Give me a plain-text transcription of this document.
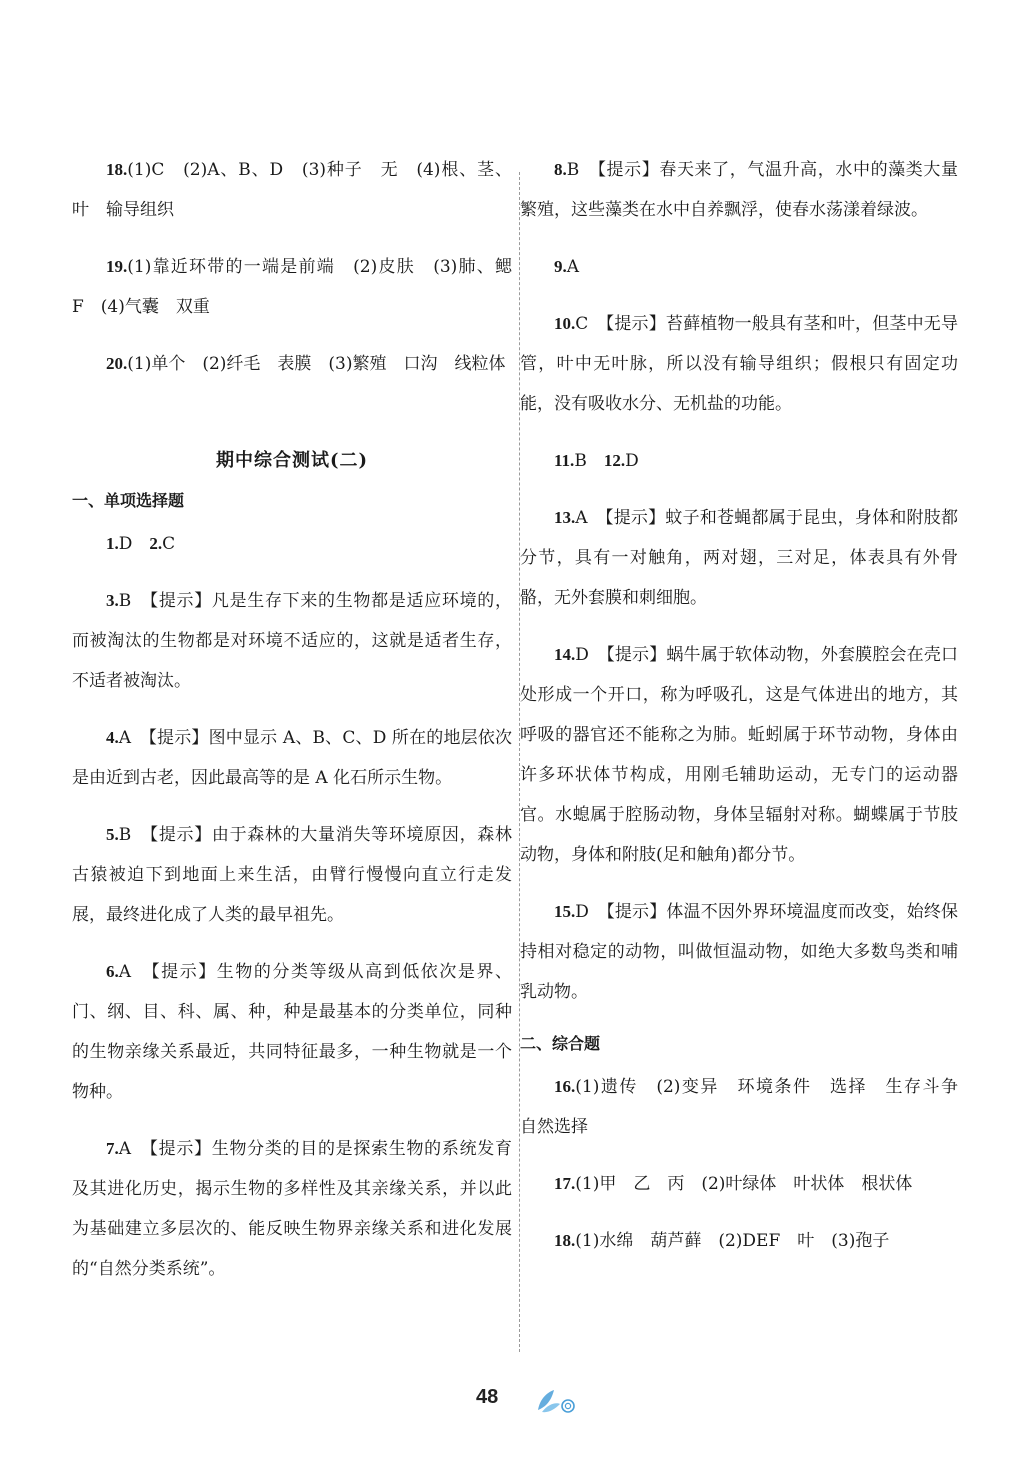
18.(1)C　(2)A、B、D　(3)种子　无　(4)根、茎、叶　输导组织
19.(1)靠近环带的一端是前端　(2)皮肤　(3)肺、鳃　F　(4)气囊　双重
20.(1)单个　(2)纤毛　表膜　(3)繁殖　口沟　线粒体
期中综合测试(二)
一、单项选择题
1.D　2.C
3.B　【提示】凡是生存下来的生物都是适应环境的，而被淘汰的生物都是对环境不适应的，这就是适者生存，不适者被淘汰。
4.A　【提示】图中显示 A、B、C、D 所在的地层依次是由近到古老，因此最高等的是 A 化石所示生物。
5.B　【提示】由于森林的大量消失等环境原因，森林古猿被迫下到地面上来生活，由臂行慢慢向直立行走发展，最终进化成了人类的最早祖先。
6.A　【提示】生物的分类等级从高到低依次是界、门、纲、目、科、属、种，种是最基本的分类单位，同种的生物亲缘关系最近，共同特征最多，一种生物就是一个物种。
7.A　【提示】生物分类的目的是探索生物的系统发育及其进化历史，揭示生物的多样性及其亲缘关系，并以此为基础建立多层次的、能反映生物界亲缘关系和进化发展的“自然分类系统”。
8.B　【提示】春天来了，气温升高，水中的藻类大量繁殖，这些藻类在水中自养飘浮，使春水荡漾着绿波。
9.A
10.C　【提示】苔藓植物一般具有茎和叶，但茎中无导管，叶中无叶脉，所以没有输导组织；假根只有固定功能，没有吸收水分、无机盐的功能。
11.B　12.D
13.A　【提示】蚊子和苍蝇都属于昆虫，身体和附肢都分节，具有一对触角，两对翅，三对足，体表具有外骨骼，无外套膜和刺细胞。
14.D　【提示】蜗牛属于软体动物，外套膜腔会在壳口处形成一个开口，称为呼吸孔，这是气体进出的地方，其呼吸的器官还不能称之为肺。蚯蚓属于环节动物，身体由许多环状体节构成，用刚毛辅助运动，无专门的运动器官。水螅属于腔肠动物，身体呈辐射对称。蝴蝶属于节肢动物，身体和附肢(足和触角)都分节。
15.D　【提示】体温不因外界环境温度而改变，始终保持相对稳定的动物，叫做恒温动物，如绝大多数鸟类和哺乳动物。
二、综合题
16.(1)遗传　(2)变异　环境条件　选择　生存斗争　自然选择
17.(1)甲　乙　丙　(2)叶绿体　叶状体　根状体
18.(1)水绵　葫芦藓　(2)DEF　叶　(3)孢子
48
